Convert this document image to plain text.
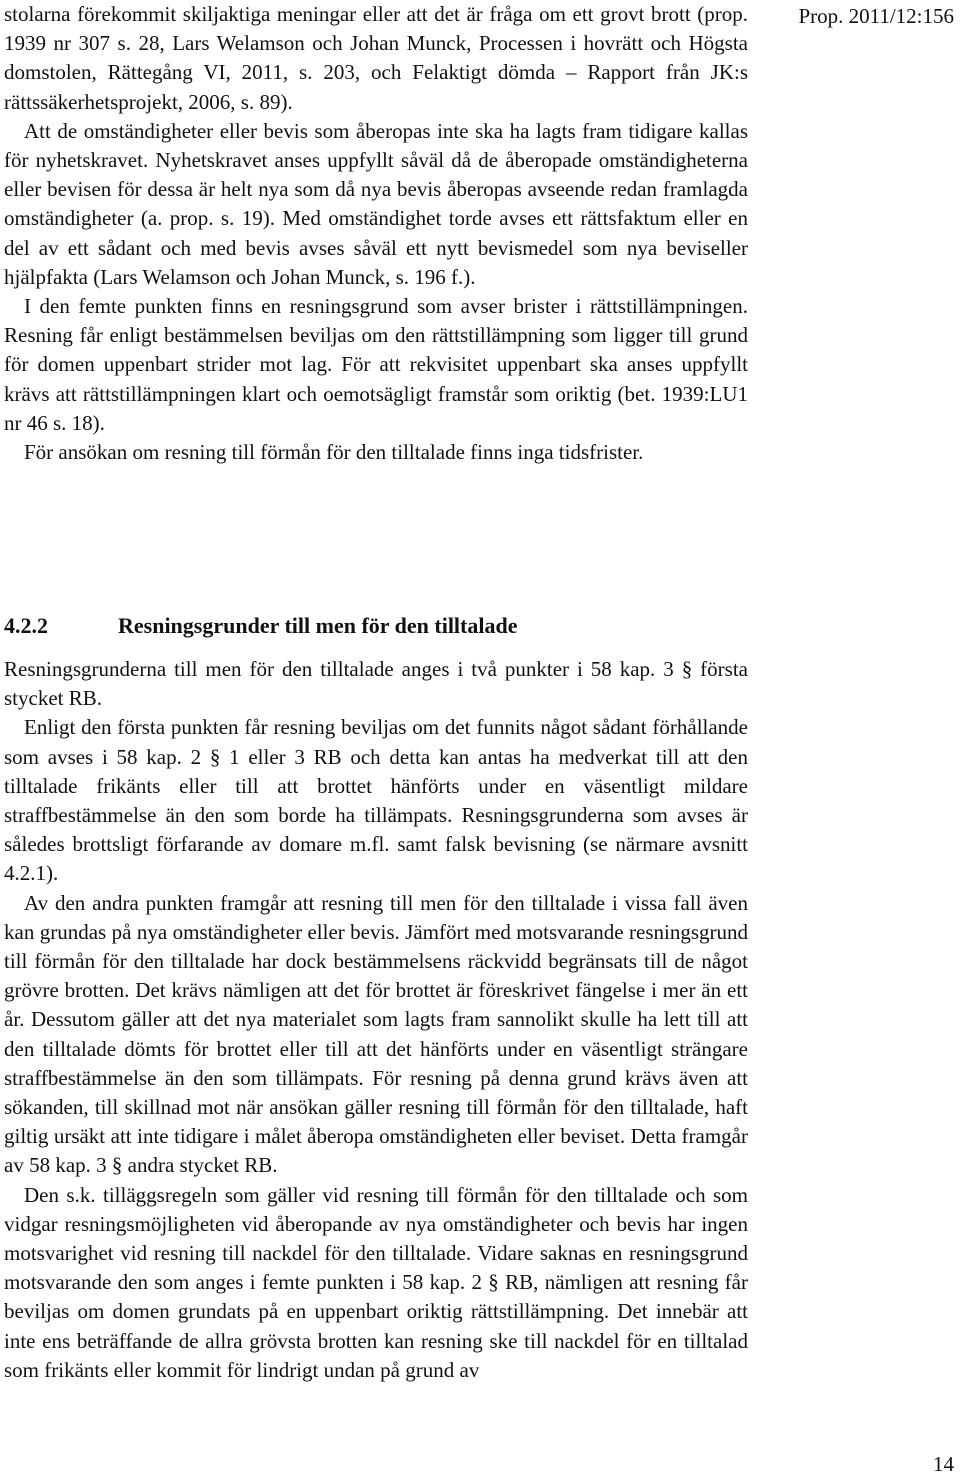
Prop. 2011/12:156

stolarna förekommit skiljaktiga meningar eller att det är fråga om ett grovt brott (prop. 1939 nr 307 s. 28, Lars Welamson och Johan Munck, Processen i hovrätt och Högsta domstolen, Rättegång VI, 2011, s. 203, och Felaktigt dömda – Rapport från JK:s rättssäkerhetsprojekt, 2006, s. 89).

Att de omständigheter eller bevis som åberopas inte ska ha lagts fram tidigare kallas för nyhetskravet. Nyhetskravet anses uppfyllt såväl då de åberopade omständigheterna eller bevisen för dessa är helt nya som då nya bevis åberopas avseende redan framlagda omständigheter (a. prop. s. 19). Med omständighet torde avses ett rättsfaktum eller en del av ett sådant och med bevis avses såväl ett nytt bevismedel som nya beviseller hjälpfakta (Lars Welamson och Johan Munck, s. 196 f.).

I den femte punkten finns en resningsgrund som avser brister i rättstillämpningen. Resning får enligt bestämmelsen beviljas om den rättstillämpning som ligger till grund för domen uppenbart strider mot lag. För att rekvisitet uppenbart ska anses uppfyllt krävs att rättstillämpningen klart och oemotsägligt framstår som oriktig (bet. 1939:LU1 nr 46 s. 18).

För ansökan om resning till förmån för den tilltalade finns inga tidsfrister.

4.2.2	Resningsgrunder till men för den tilltalade

Resningsgrunderna till men för den tilltalade anges i två punkter i 58 kap. 3 § första stycket RB.

Enligt den första punkten får resning beviljas om det funnits något sådant förhållande som avses i 58 kap. 2 § 1 eller 3 RB och detta kan antas ha medverkat till att den tilltalade frikänts eller till att brottet hänförts under en väsentligt mildare straffbestämmelse än den som borde ha tillämpats. Resningsgrunderna som avses är således brottsligt förfarande av domare m.fl. samt falsk bevisning (se närmare avsnitt 4.2.1).

Av den andra punkten framgår att resning till men för den tilltalade i vissa fall även kan grundas på nya omständigheter eller bevis. Jämfört med motsvarande resningsgrund till förmån för den tilltalade har dock bestämmelsens räckvidd begränsats till de något grövre brotten. Det krävs nämligen att det för brottet är föreskrivet fängelse i mer än ett år. Dessutom gäller att det nya materialet som lagts fram sannolikt skulle ha lett till att den tilltalade dömts för brottet eller till att det hänförts under en väsentligt strängare straffbestämmelse än den som tillämpats. För resning på denna grund krävs även att sökanden, till skillnad mot när ansökan gäller resning till förmån för den tilltalade, haft giltig ursäkt att inte tidigare i målet åberopa omständigheten eller beviset. Detta framgår av 58 kap. 3 § andra stycket RB.

Den s.k. tilläggsregeln som gäller vid resning till förmån för den tilltalade och som vidgar resningsmöjligheten vid åberopande av nya omständigheter och bevis har ingen motsvarighet vid resning till nackdel för den tilltalade. Vidare saknas en resningsgrund motsvarande den som anges i femte punkten i 58 kap. 2 § RB, nämligen att resning får beviljas om domen grundats på en uppenbart oriktig rättstillämpning. Det innebär att inte ens beträffande de allra grövsta brotten kan resning ske till nackdel för en tilltalad som frikänts eller kommit för lindrigt undan på grund av

14
